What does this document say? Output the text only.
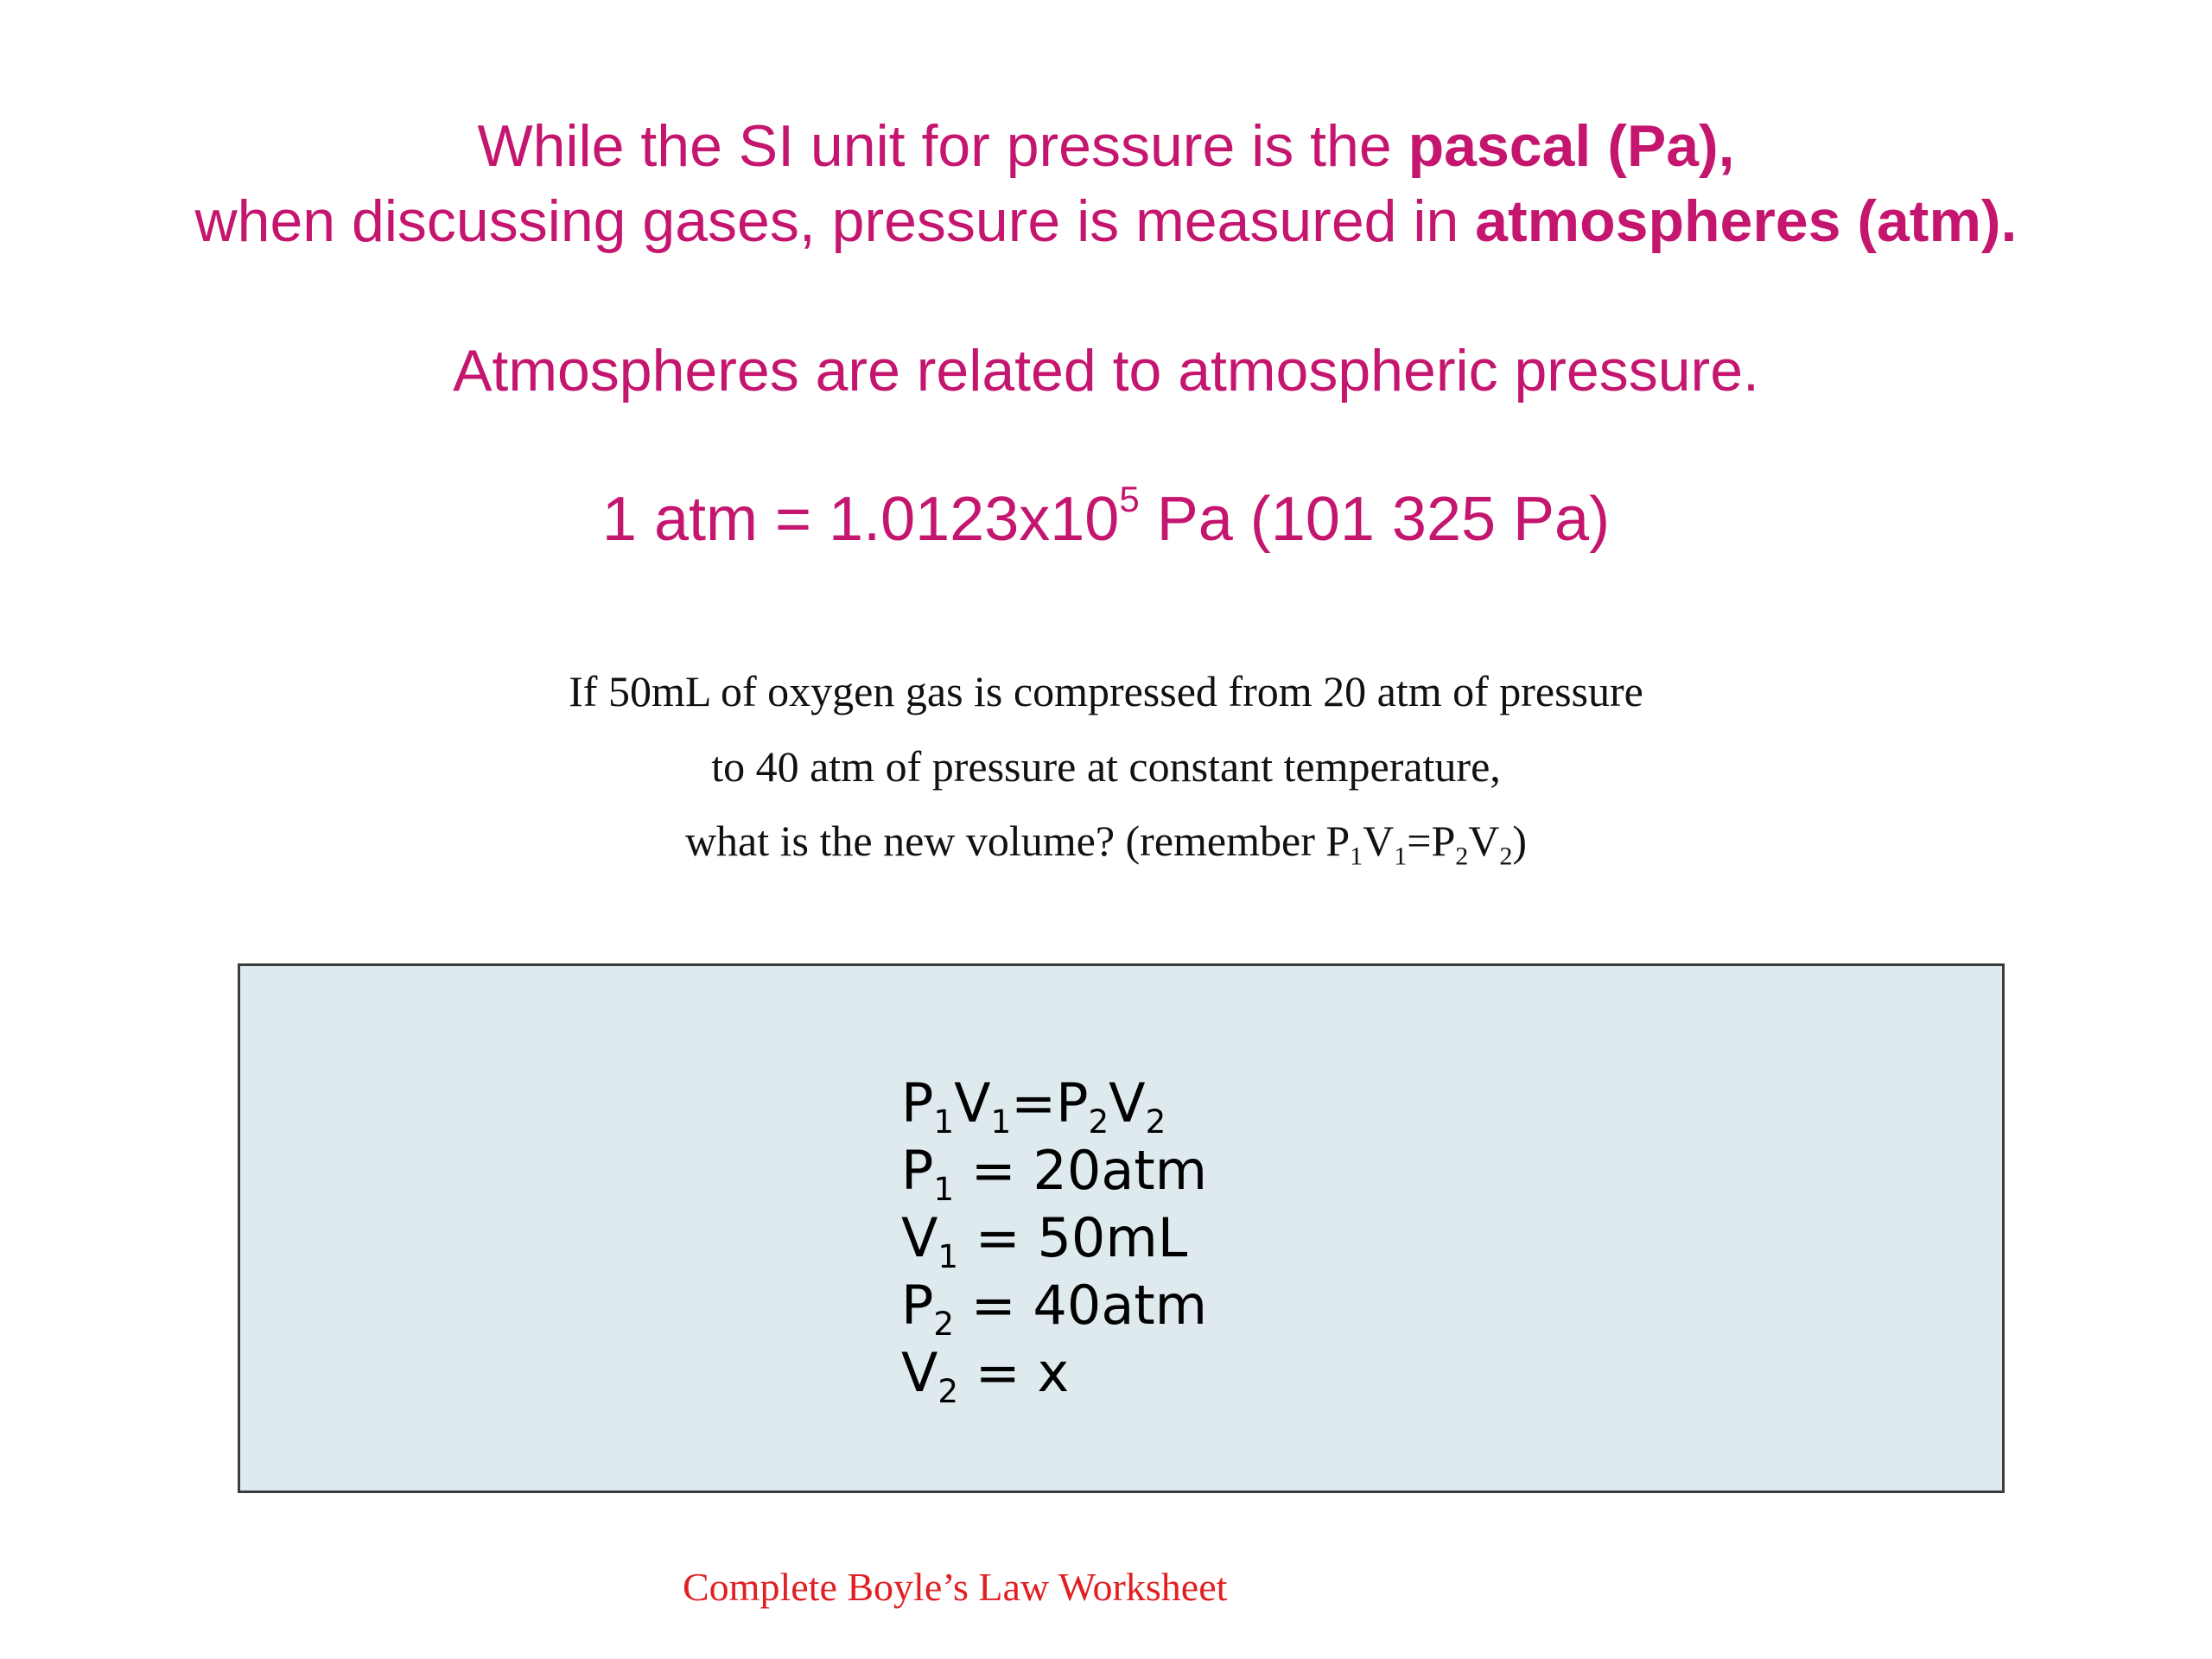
While the SI unit for pressure is the pascal (Pa),
when discussing gases, pressure is measured in atmospheres (atm).
Atmospheres are related to atmospheric pressure.
1 atm = $1.0123x10^5$ Pa (101 325 Pa)
If 50mL of oxygen gas is compressed from 20 atm of pressure
to 40 atm of pressure at constant temperature,
what is the new volume? (remember $P_1V_1=P_2V_2$)
$P_1V_1=P_2V_2$
$P_1 = 20atm$
$V_1 = 50mL$
$P_2 = 40atm$
$V_2 = x$
Complete Boyle’s Law Worksheet
